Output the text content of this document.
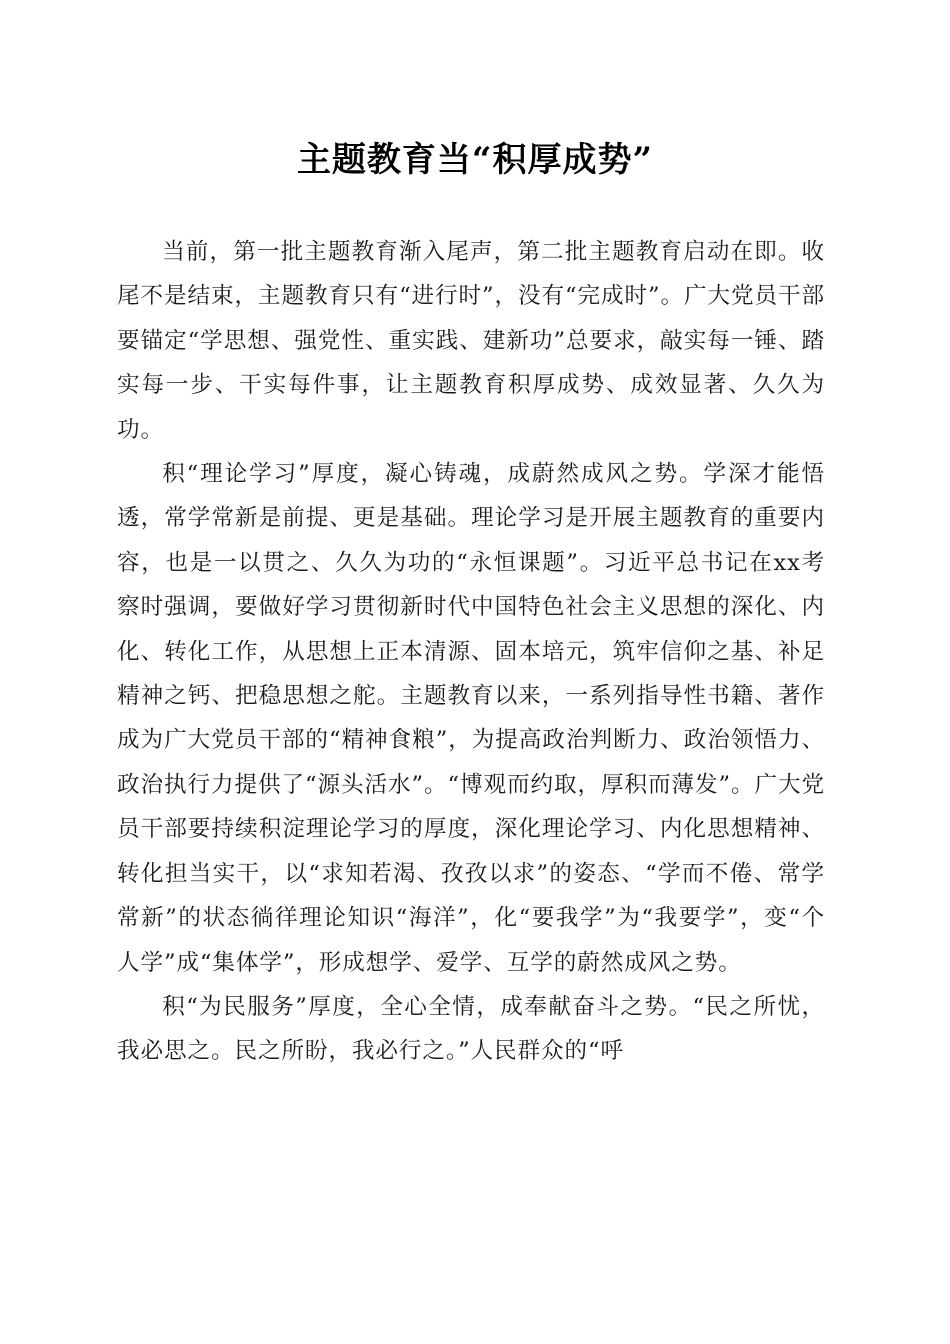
主题教育当“积厚成势”

当前，第一批主题教育渐入尾声，第二批主题教育启动在即。收尾不是结束，主题教育只有“进行时”，没有“完成时”。广大党员干部要锚定“学思想、强党性、重实践、建新功”总要求，敲实每一锤、踏实每一步、干实每件事，让主题教育积厚成势、成效显著、久久为功。

积“理论学习”厚度，凝心铸魂，成蔚然成风之势。学深才能悟透，常学常新是前提、更是基础。理论学习是开展主题教育的重要内容，也是一以贯之、久久为功的“永恒课题”。习近平总书记在xx考察时强调，要做好学习贯彻新时代中国特色社会主义思想的深化、内化、转化工作，从思想上正本清源、固本培元，筑牢信仰之基、补足精神之钙、把稳思想之舵。主题教育以来，一系列指导性书籍、著作成为广大党员干部的“精神食粮”，为提高政治判断力、政治领悟力、政治执行力提供了“源头活水”。“博观而约取，厚积而薄发”。广大党员干部要持续积淀理论学习的厚度，深化理论学习、内化思想精神、转化担当实干，以“求知若渴、孜孜以求”的姿态、“学而不倦、常学常新”的状态徜徉理论知识“海洋”，化“要我学”为“我要学”，变“个人学”成“集体学”，形成想学、爱学、互学的蔚然成风之势。

积“为民服务”厚度，全心全情，成奉献奋斗之势。“民之所忧，我必思之。民之所盼，我必行之。”人民群众的“呼
